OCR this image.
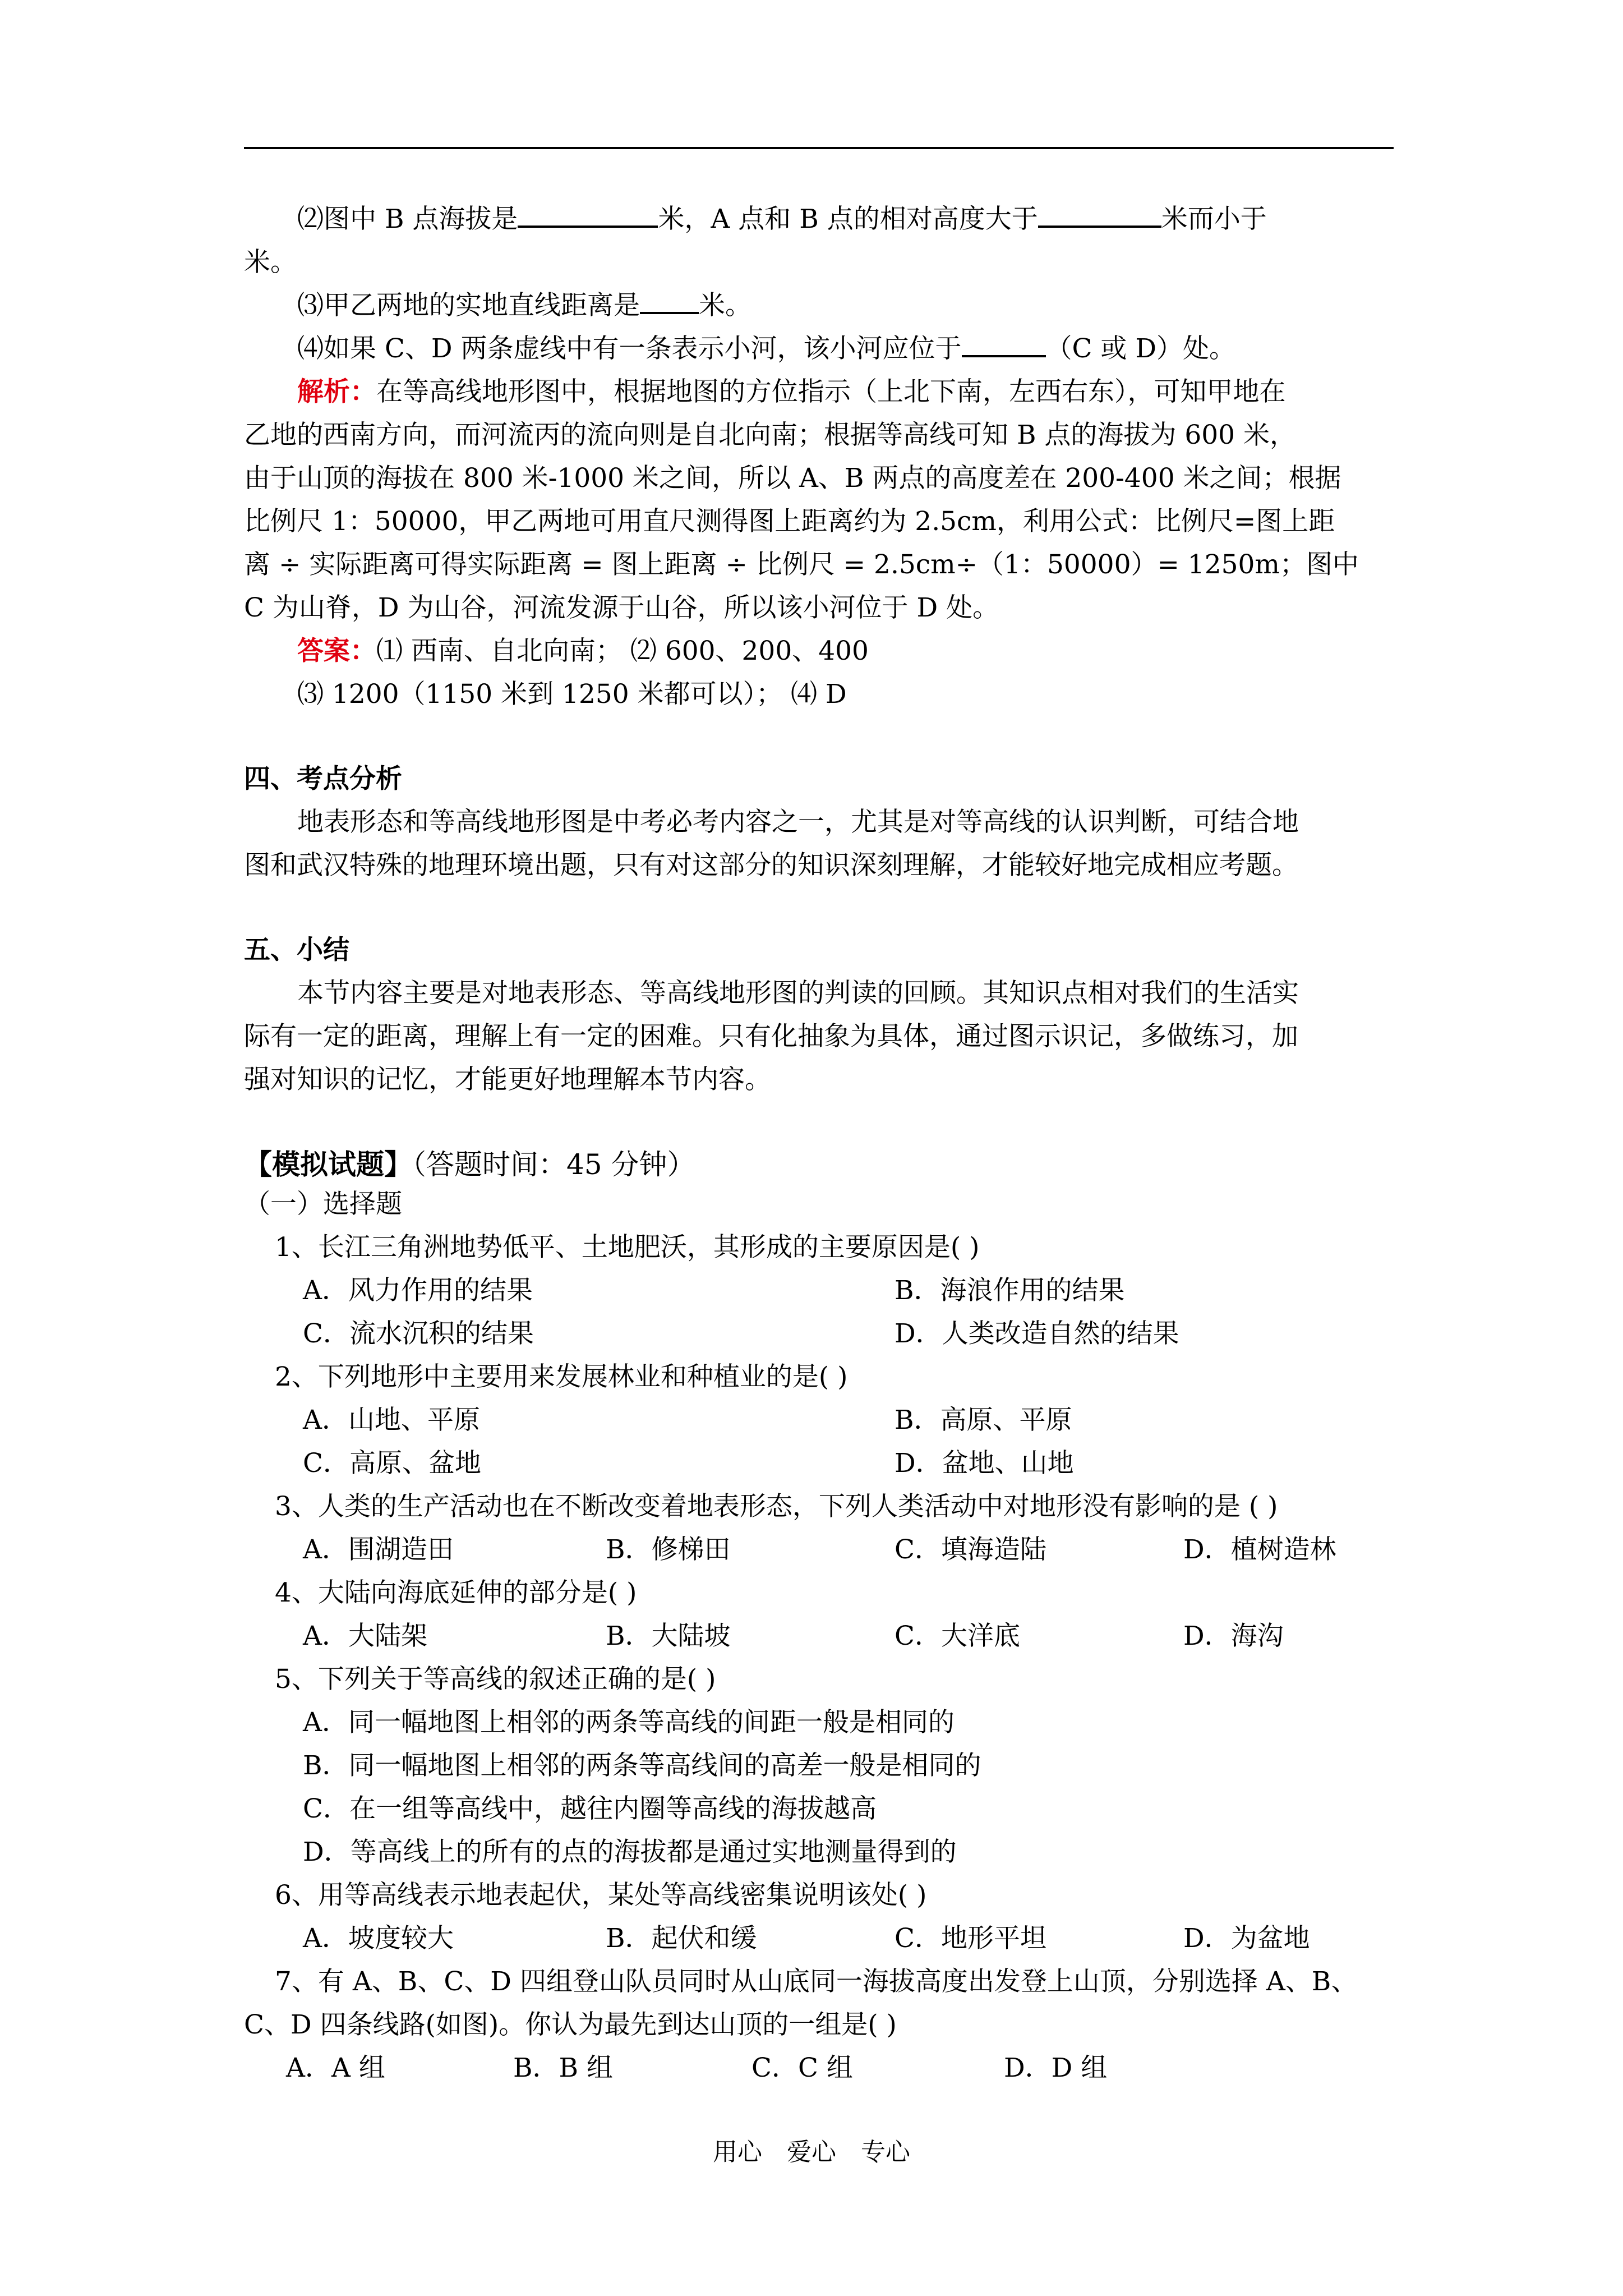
⑵图中 B 点海拔是	米，A 点和 B 点的相对高度大于	米而小于
米。
⑶甲乙两地的实地直线距离是 米。
⑷如果 C、D 两条虚线中有一条表示小河，该小河应位于	（C 或 D）处。
解析：在等高线地形图中，根据地图的方位指示（上北下南，左西右东），可知甲地在
乙地的西南方向，而河流丙的流向则是自北向南；根据等高线可知 B 点的海拔为 600 米，
由于山顶的海拔在 800 米-1000 米之间，所以 A、B 两点的高度差在 200-400 米之间；根据
比例尺 1：50000，甲乙两地可用直尺测得图上距离约为 2.5cm，利用公式：比例尺=图上距
离 ÷ 实际距离可得实际距离 = 图上距离 ÷ 比例尺 = 2.5cm÷（1：50000）= 1250m；图中
C 为山脊，D 为山谷，河流发源于山谷，所以该小河位于 D 处。
答案：⑴ 西南、自北向南； ⑵ 600、200、400
⑶ 1200（1150 米到 1250 米都可以）； ⑷ D
四、考点分析
地表形态和等高线地形图是中考必考内容之一，尤其是对等高线的认识判断，可结合地
图和武汉特殊的地理环境出题，只有对这部分的知识深刻理解，才能较好地完成相应考题。
五、小结
本节内容主要是对地表形态、等高线地形图的判读的回顾。其知识点相对我们的生活实
际有一定的距离，理解上有一定的困难。只有化抽象为具体，通过图示识记，多做练习，加
强对知识的记忆，才能更好地理解本节内容。
【模拟试题】（答题时间：45 分钟）
（一）选择题
1、长江三角洲地势低平、土地肥沃，其形成的主要原因是( )
A．风力作用的结果	B．海浪作用的结果
C．流水沉积的结果	D．人类改造自然的结果
2、下列地形中主要用来发展林业和种植业的是( )
A．山地、平原	B．高原、平原
C．高原、盆地	D．盆地、山地
3、人类的生产活动也在不断改变着地表形态，下列人类活动中对地形没有影响的是 ( )
A．围湖造田	B．修梯田	C．填海造陆	D．植树造林
4、大陆向海底延伸的部分是( )
A．大陆架	B．大陆坡	C．大洋底	D．海沟
5、下列关于等高线的叙述正确的是( )
A．同一幅地图上相邻的两条等高线的间距一般是相同的
B．同一幅地图上相邻的两条等高线间的高差一般是相同的
C．在一组等高线中，越往内圈等高线的海拔越高
D．等高线上的所有的点的海拔都是通过实地测量得到的
6、用等高线表示地表起伏，某处等高线密集说明该处( )
A．坡度较大	B．起伏和缓	C．地形平坦	D．为盆地
7、有 A、B、C、D 四组登山队员同时从山底同一海拔高度出发登上山顶，分别选择 A、B、
C、D 四条线路(如图)。你认为最先到达山顶的一组是( )
A．A 组	B．B 组	C．C 组	D．D 组
用心 爱心 专心
